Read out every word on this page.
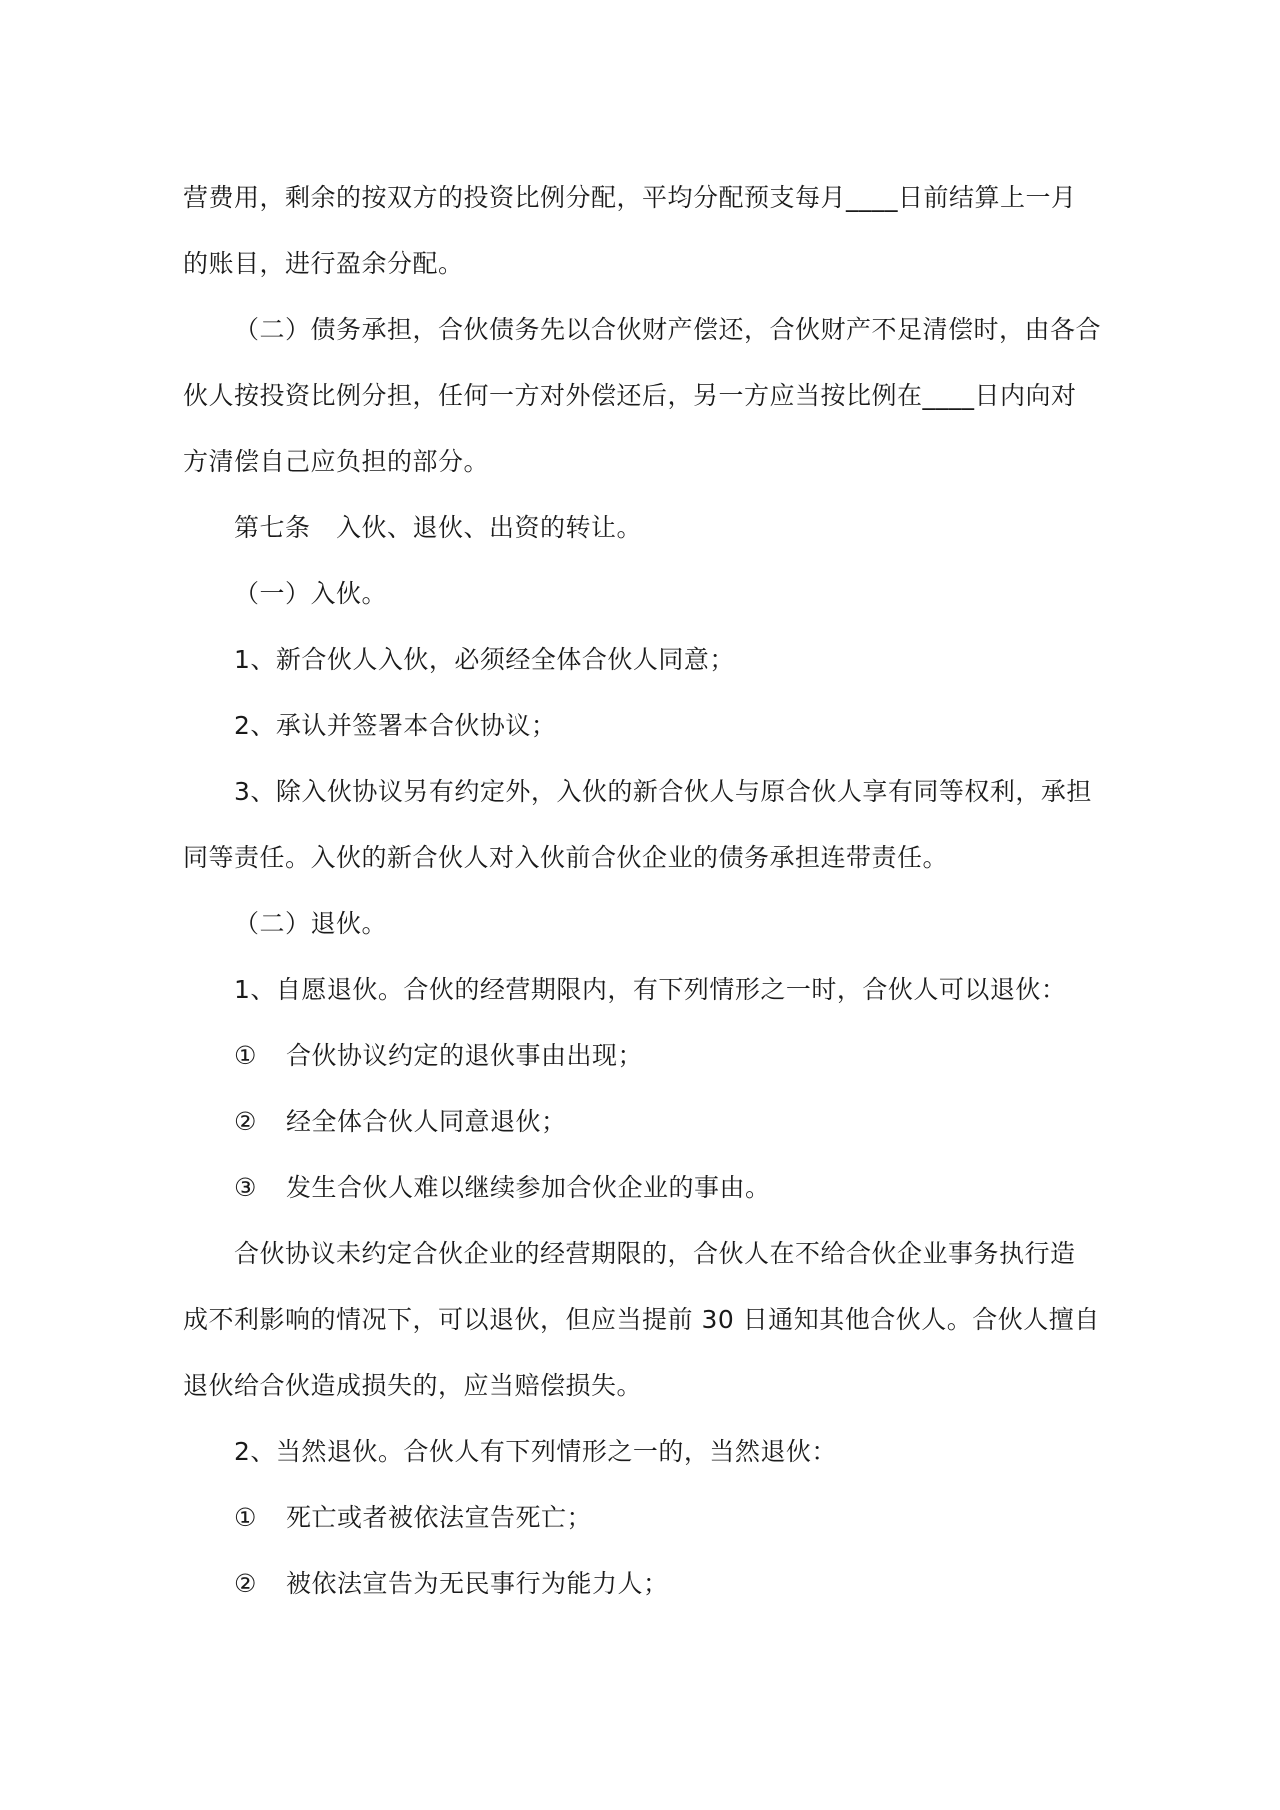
营费用，剩余的按双方的投资比例分配，平均分配预支每月____日前结算上一月

的账目，进行盈余分配。

（二）债务承担，合伙债务先以合伙财产偿还，合伙财产不足清偿时，由各合

伙人按投资比例分担，任何一方对外偿还后，另一方应当按比例在____日内向对

方清偿自己应负担的部分。

第七条　入伙、退伙、出资的转让。

（一）入伙。

1、新合伙人入伙，必须经全体合伙人同意；

2、承认并签署本合伙协议；

3、除入伙协议另有约定外，入伙的新合伙人与原合伙人享有同等权利，承担

同等责任。入伙的新合伙人对入伙前合伙企业的债务承担连带责任。

（二）退伙。

1、自愿退伙。合伙的经营期限内，有下列情形之一时，合伙人可以退伙：

① 合伙协议约定的退伙事由出现；
② 经全体合伙人同意退伙；
③ 发生合伙人难以继续参加合伙企业的事由。

合伙协议未约定合伙企业的经营期限的，合伙人在不给合伙企业事务执行造

成不利影响的情况下，可以退伙，但应当提前 30 日通知其他合伙人。合伙人擅自

退伙给合伙造成损失的，应当赔偿损失。

2、当然退伙。合伙人有下列情形之一的，当然退伙：

① 死亡或者被依法宣告死亡；
② 被依法宣告为无民事行为能力人；
